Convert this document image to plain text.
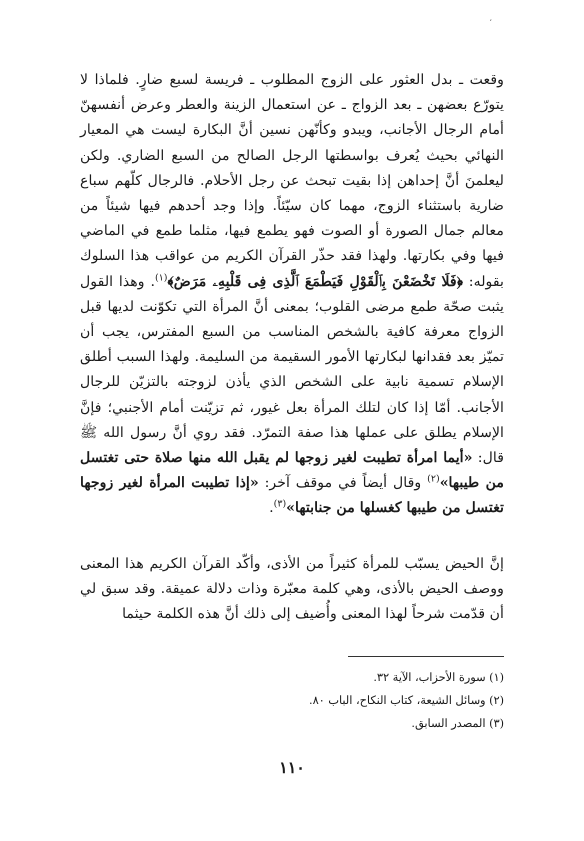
،

وقعت ـ بدل العثور على الزوج المطلوب ـ فريسة لسبع ضارٍ. فلماذا لا يتورّع بعضهن ـ بعد الزواج ـ عن استعمال الزينة والعطر وعرض أنفسهنّ أمام الرجال الأجانب، ويبدو وكأنّهن نسين أنَّ البكارة ليست هي المعيار النهائي بحيث يُعرف بواسطتها الرجل الصالح من السبع الضاري. ولكن ليعلمنَ أنَّ إحداهن إذا بقيت تبحث عن رجل الأحلام. فالرجال كلّهم سباع ضارية باستثناء الزوج، مهما كان سيّئاً. وإذا وجد أحدهم فيها شيئاً من معالم جمال الصورة أو الصوت فهو يطمع فيها، مثلما طمع في الماضي فيها وفي بكارتها. ولهذا فقد حذّر القرآن الكريم من عواقب هذا السلوك بقوله: ﴿فَلَا تَخْضَعْنَ بِٱلْقَوْلِ فَيَطْمَعَ ٱلَّذِى فِى قَلْبِهِۦ مَرَضٌ﴾$^{(١)}$. وهذا القول يثبت صحّة طمع مرضى القلوب؛ بمعنى أنَّ المرأة التي تكوّنت لديها قبل الزواج معرفة كافية بالشخص المناسب من السبع المفترس، يجب أن تميّز بعد فقدانها لبكارتها الأمور السقيمة من السليمة. ولهذا السبب أطلق الإسلام تسمية نابية على الشخص الذي يأذن لزوجته بالتزيّن للرجال الأجانب. أمّا إذا كان لتلك المرأة بعل غيور، ثم تزيّنت أمام الأجنبي؛ فإنَّ الإسلام يطلق على عملها هذا صفة التمرّد. فقد روي أنَّ رسول الله ﷺ قال: «أيما امرأة تطيبت لغير زوجها لم يقبل الله منها صلاة حتى تغتسل من طيبها»$^{(٢)}$ وقال أيضاً في موقف آخر: «إذا تطيبت المرأة لغير زوجها تغتسل من طيبها كغسلها من جنابتها»$^{(٣)}$.

إنَّ الحيض يسبّب للمرأة كثيراً من الأذى، وأكّد القرآن الكريم هذا المعنى ووصف الحيض بالأذى، وهي كلمة معبّرة وذات دلالة عميقة. وقد سبق لي أن قدّمت شرحاً لهذا المعنى وأُضيف إلى ذلك أنَّ هذه الكلمة حيثما

(١) سورة الأحزاب، الآية ٣٢.
(٢) وسائل الشيعة، كتاب النكاح، الباب ٨٠.
(٣) المصدر السابق.
١١٠
